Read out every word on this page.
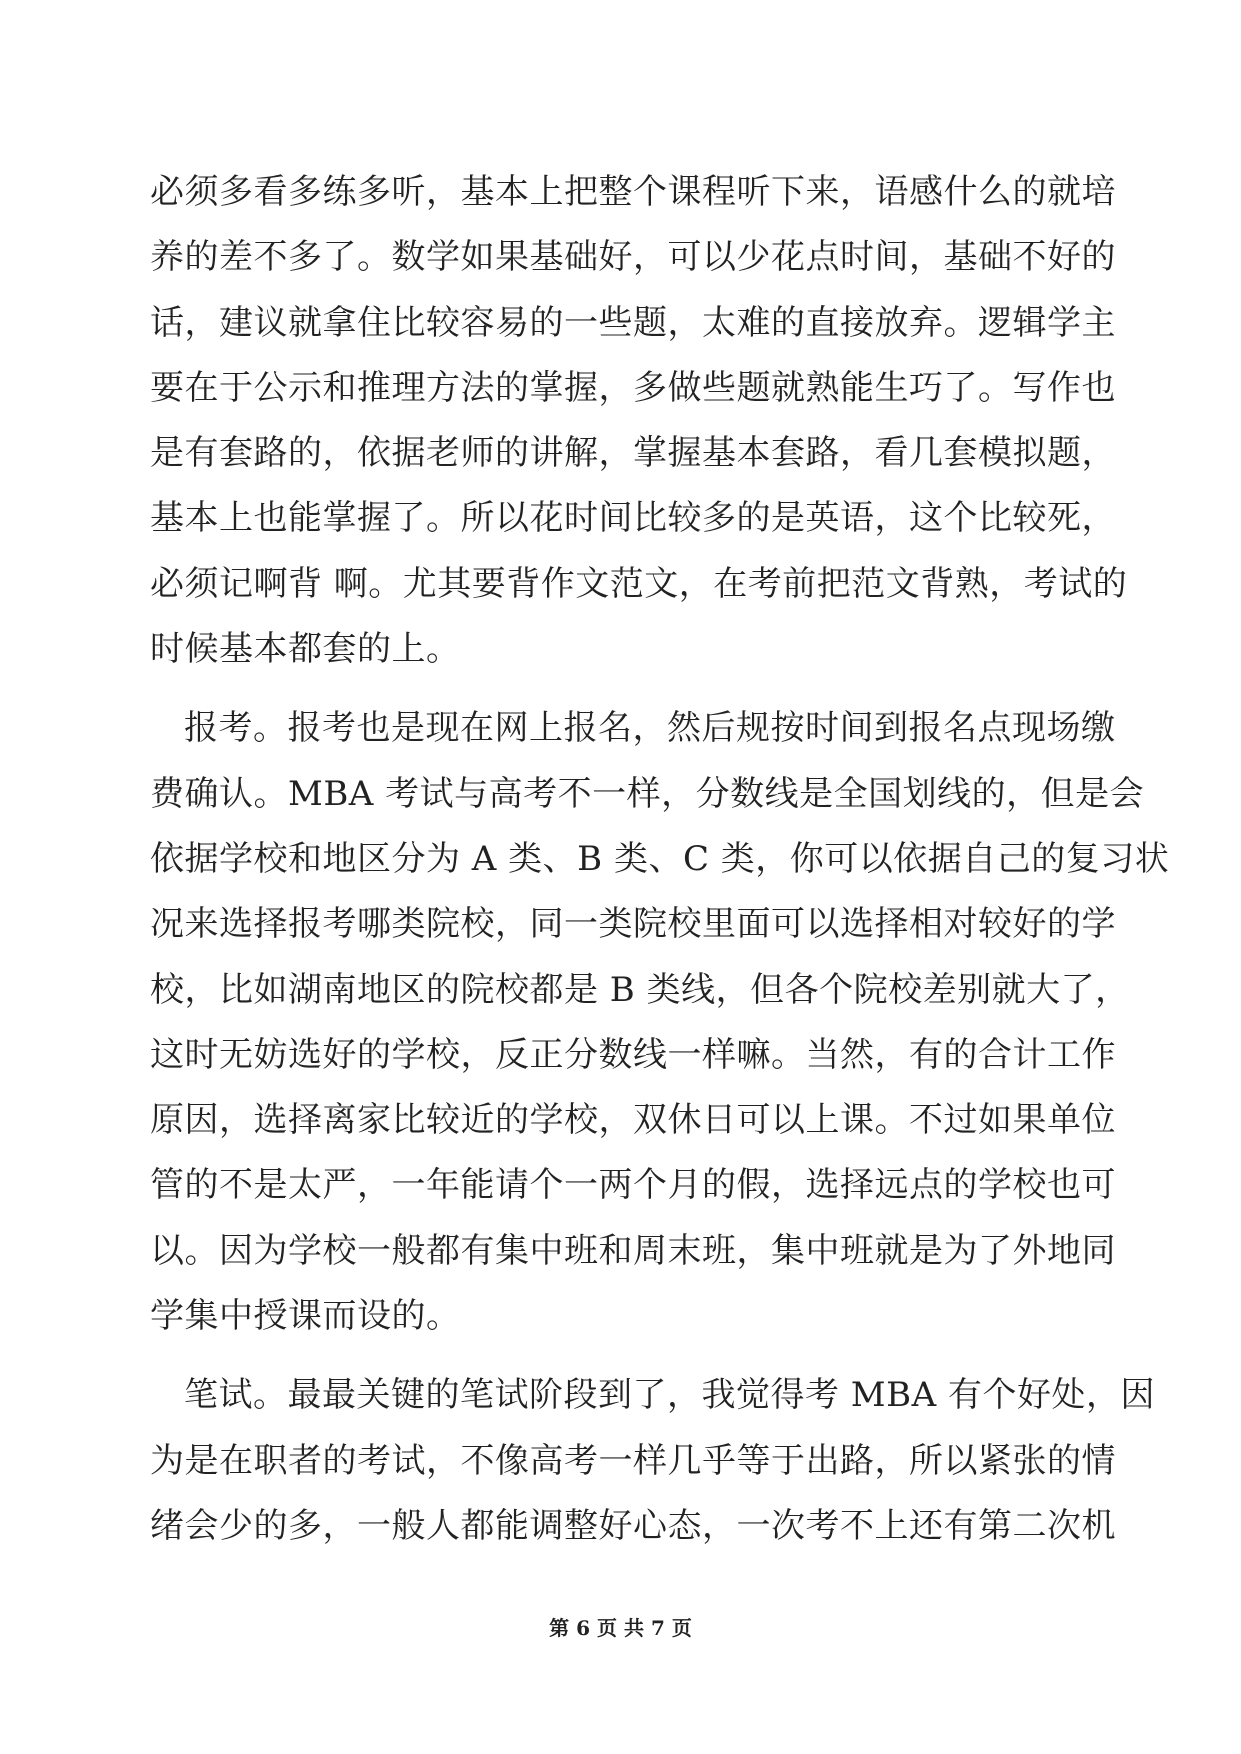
必须多看多练多听，基本上把整个课程听下来，语感什么的就培
养的差不多了。数学如果基础好，可以少花点时间，基础不好的
话，建议就拿住比较容易的一些题，太难的直接放弃。逻辑学主
要在于公示和推理方法的掌握，多做些题就熟能生巧了。写作也
是有套路的，依据老师的讲解，掌握基本套路，看几套模拟题，
基本上也能掌握了。所以花时间比较多的是英语，这个比较死，
必须记啊背 啊。尤其要背作文范文，在考前把范文背熟，考试的
时候基本都套的上。
报考。报考也是现在网上报名，然后规按时间到报名点现场缴
费确认。MBA 考试与高考不一样，分数线是全国划线的，但是会
依据学校和地区分为 A 类、B 类、C 类，你可以依据自己的复习状
况来选择报考哪类院校，同一类院校里面可以选择相对较好的学
校，比如湖南地区的院校都是 B 类线，但各个院校差别就大了，
这时无妨选好的学校，反正分数线一样嘛。当然，有的合计工作
原因，选择离家比较近的学校，双休日可以上课。不过如果单位
管的不是太严，一年能请个一两个月的假，选择远点的学校也可
以。因为学校一般都有集中班和周末班，集中班就是为了外地同
学集中授课而设的。
笔试。最最关键的笔试阶段到了，我觉得考 MBA 有个好处，因
为是在职者的考试，不像高考一样几乎等于出路，所以紧张的情
绪会少的多，一般人都能调整好心态，一次考不上还有第二次机
第 6 页 共 7 页
